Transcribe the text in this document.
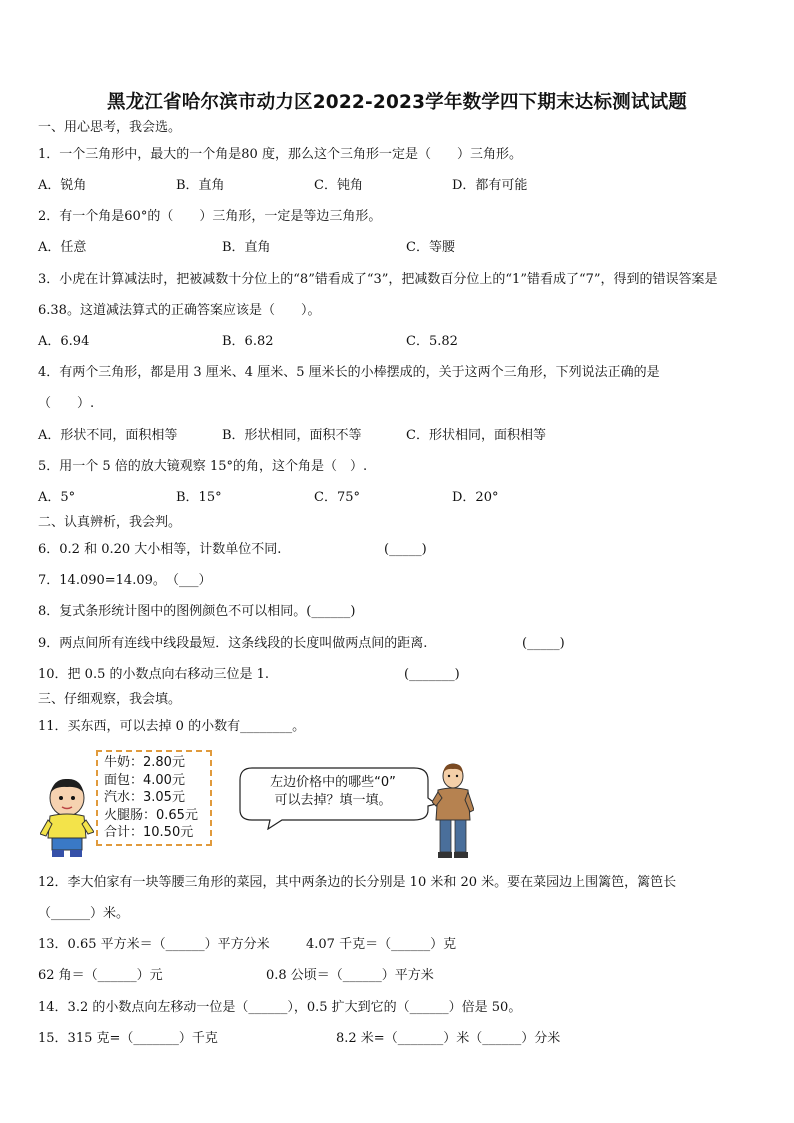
黑龙江省哈尔滨市动力区2022-2023学年数学四下期末达标测试试题
一、用心思考，我会选。
1．一个三角形中，最大的一个角是80 度，那么这个三角形一定是（　　）三角形。
A．锐角	B．直角	C．钝角	D．都有可能
2．有一个角是60°的（　　）三角形，一定是等边三角形。
A．任意	B．直角	C．等腰
3．小虎在计算减法时，把被减数十分位上的“8”错看成了“3”，把减数百分位上的“1”错看成了“7”，得到的错误答案是
6.38。这道减法算式的正确答案应该是（　　）。
A．6.94	B．6.82	C．5.82
4．有两个三角形，都是用 3 厘米、4 厘米、5 厘米长的小棒摆成的，关于这两个三角形，下列说法正确的是
（　　）.
A．形状不同，面积相等	B．形状相同，面积不等	C．形状相同，面积相等
5．用一个 5 倍的放大镜观察 15°的角，这个角是（　）.
A．5°	B．15°	C．75°	D．20°
二、认真辨析，我会判。
6．0.2 和 0.20 大小相等，计数单位不同.	(_____)
7．14.090=14.09。 （___）
8．复式条形统计图中的图例颜色不可以相同。(______)
9．两点间所有连线中线段最短．这条线段的长度叫做两点间的距离.	(_____)
10．把 0.5 的小数点向右移动三位是 1.	(_______)
三、仔细观察，我会填。
11．买东西，可以去掉 0 的小数有________。
牛奶：2.80元
面包：4.00元
汽水：3.05元
火腿肠：0.65元
合计：10.50元
左边价格中的哪些“0”
可以去掉？填一填。
12．李大伯家有一块等腰三角形的菜园，其中两条边的长分别是 10 米和 20 米。要在菜园边上围篱笆，篱笆长
（______）米。
13．0.65 平方米＝（______）平方分米	4.07 千克＝（______）克
62 角＝（______）元	0.8 公顷＝（______）平方米
14．3.2 的小数点向左移动一位是（______），0.5 扩大到它的（______）倍是 50。
15．315 克=（_______）千克	8.2 米=（_______）米（______）分米
